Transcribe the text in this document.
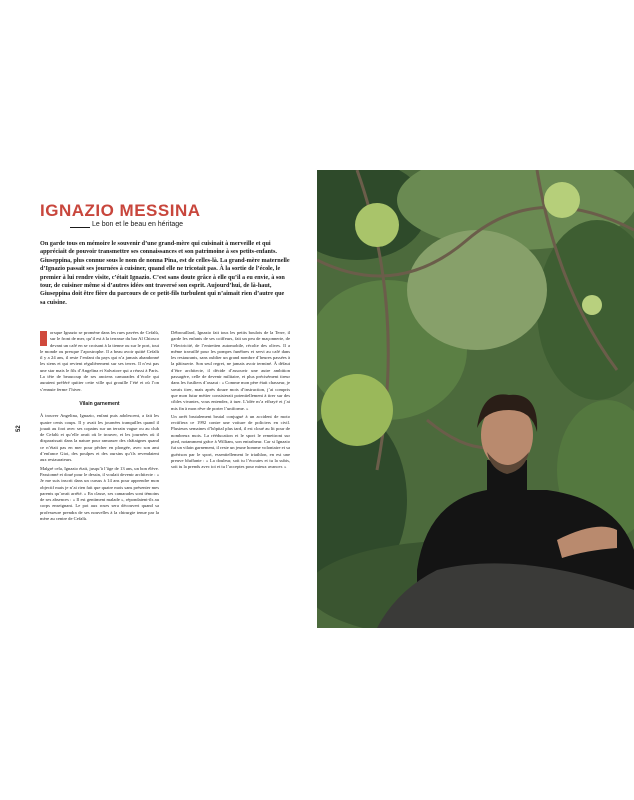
IGNAZIO MESSINA
Le bon et le beau en héritage

On garde tous en mémoire le souvenir d’une grand-mère qui cuisinait à merveille et qui appréciait de pouvoir transmettre ses connaissances et son patrimoine à ses petits-enfants. Giuseppina, plus connue sous le nom de nonna Pina, est de celles-là. La grand-mère maternelle d’Ignazio passait ses journées à cuisiner, quand elle ne tricotait pas. À la sortie de l’école, le premier à lui rendre visite, c’était Ignazio. C’est sans doute grâce à elle qu’il a eu envie, à son tour, de cuisiner même si d’autres idées ont traversé son esprit. Aujourd’hui, de là-haut, Giuseppina doit être fière du parcours de ce petit-fils turbulent qui n’aimait rien d’autre que sa cuisine.

orsque Ignazio se promène dans les rues pavées de Cefalù, sur le front de mer, qu’il est à la terrasse du bar Al Chiosco devant un café en se croisant à la tienne ou sur le port, tout le monde ou presque l’apostrophe. Il a beau avoir quitté Cefalù il y a 24 ans, il reste l’enfant du pays qui n’a jamais abandonné les siens et qui revient régulièrement sur ses terres. Il n’est pas une star mais le fils d’Angelina et Salvatore qui a réussi à Paris. La tête de beaucoup de ses anciens camarades d’école qui auraient préféré quitter cette ville qui grouille l’été et où l’on s’ennuie ferme l’hiver.

Vilain garnement

À trouver Angelina, Ignazio, enfant puis adolescent, a fait les quatre cents coups. Il y avait les journées tranquilles quand il jouait au foot avec ses copains sur un terrain vague ou au club de Cefalù et qu’elle avait où le trouver, et les journées où il disparaissait dans la nature pour ramasser des châtaignes quand ce n’était pas en mer pour pêcher en plongée, avec son ami d’enfance Gioi, des poulpes et des oursins qu’ils revendaient aux restaurateurs.

Malgré cela, Ignazio était, jusqu’à l’âge de 13 ans, un bon élève. Passionné et doué pour le dessin, il voulait devenir architecte : « Je me suis inscrit dans un cursus à 14 ans pour apprendre mon objectif mais je n’ai rien fait que quatre mois sans présenter mes parents qu’avait arrêté. » En classe, ses camarades sont témoins de ses absences : « Il est gentiment malade », répondaient-ils au corps enseignant. Le pot aux roses sera découvert quand sa professeure prendra de ses nouvelles à la chirurgie tenue par la mère au centre de Cefalù.

Débrouillard, Ignazio fait tous les petits boulots de la Terre, il garde les enfants de ses coiffeurs, fait un peu de maçonnerie, de l’électricité, de l’entretien automobile, récolte des olives. Il a même travaillé pour les pompes funèbres et servi au café dans les restaurants, sans oublier un grand nombre d’heures passées à la pâtisserie. Son seul regret, ne jamais avoir terminé. À défaut d’être architecte, il décide d’assouvir une autre ambition passagère, celle de devenir militaire, et plus précisément tireur dans les fusiliers d’assaut : « Comme mon père était chasseur, je savais tirer, mais après douze mois d’instruction, j’ai compris que mon futur métier consisterait potentiellement à tirer sur des cibles vivantes, vous entendez, à tuer. L’idée m’a effrayé et j’ai mis fin à mon rêve de porter l’uniforme. »

Un arrêt brutalement brutal conjugué à un accident de moto rectifiera ce 1992 contre une voiture de policiers en civil. Plusieurs semaines d’hôpital plus tard, il est cloué au lit pour de nombreux mois. La rééducation et le sport le remettront sur pied, notamment grâce à William, son entraîneur. Car si Ignazio fut un vilain garnement, il reste un jeune homme volontaire et sa guérison par le sport, essentiellement le triathlon, en est une preuve bluffante : « La douleur, soit tu l’écoutes et tu la subis, soit tu la prends avec toi et tu l’acceptes pour mieux avancer. »

52
